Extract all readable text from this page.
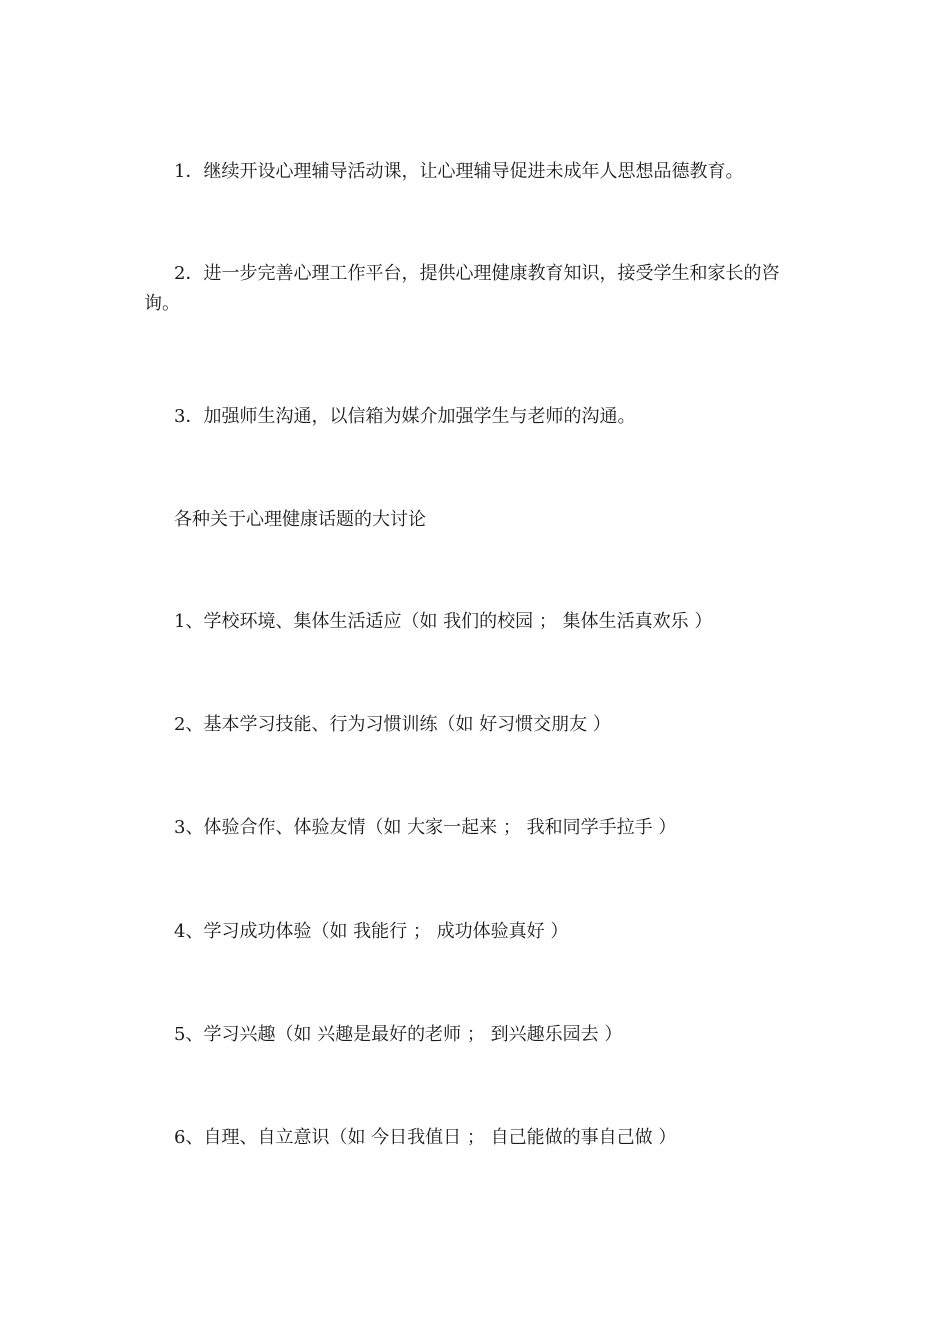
1．继续开设心理辅导活动课，让心理辅导促进未成年人思想品德教育。

2．进一步完善心理工作平台，提供心理健康教育知识，接受学生和家长的咨询。

3．加强师生沟通，以信箱为媒介加强学生与老师的沟通。

各种关于心理健康话题的大讨论

1、学校环境、集体生活适应（如 我们的校园 ； 集体生活真欢乐 ）

2、基本学习技能、行为习惯训练（如 好习惯交朋友 ）

3、体验合作、体验友情（如 大家一起来 ； 我和同学手拉手 ）

4、学习成功体验（如 我能行 ； 成功体验真好 ）

5、学习兴趣（如 兴趣是最好的老师 ； 到兴趣乐园去 ）

6、自理、自立意识（如 今日我值日 ； 自己能做的事自己做 ）
